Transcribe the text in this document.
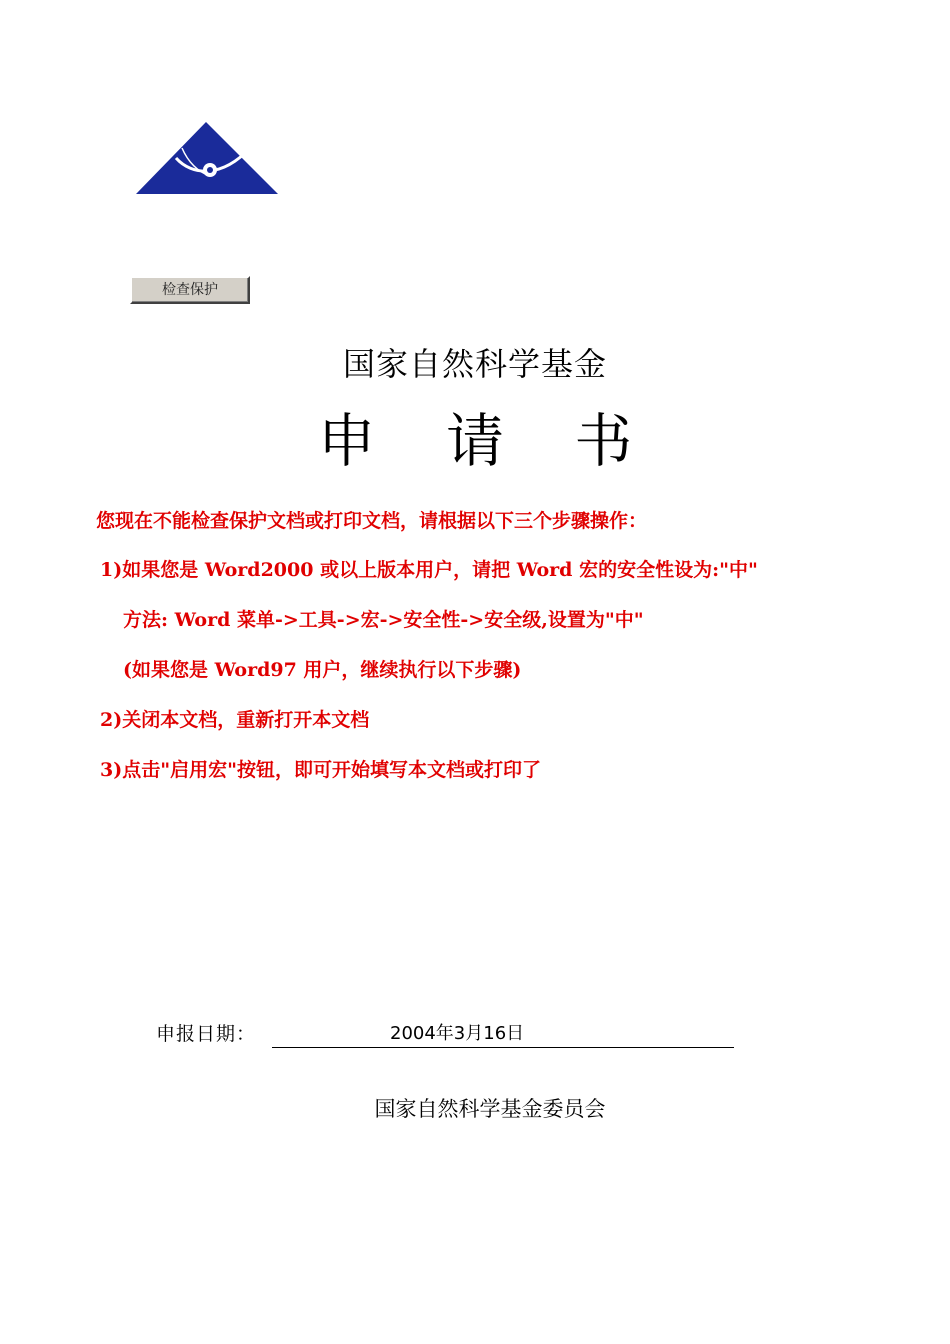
检查保护
国家自然科学基金
申 请 书
您现在不能检查保护文档或打印文档，请根据以下三个步骤操作：
1)如果您是 Word2000 或以上版本用户，请把 Word 宏的安全性设为:"中"
方法: Word 菜单->工具->宏->安全性->安全级,设置为"中"
(如果您是 Word97 用户，继续执行以下步骤)
2)关闭本文档，重新打开本文档
3)点击"启用宏"按钮，即可开始填写本文档或打印了
申报日期：	2004年3月16日
国家自然科学基金委员会
